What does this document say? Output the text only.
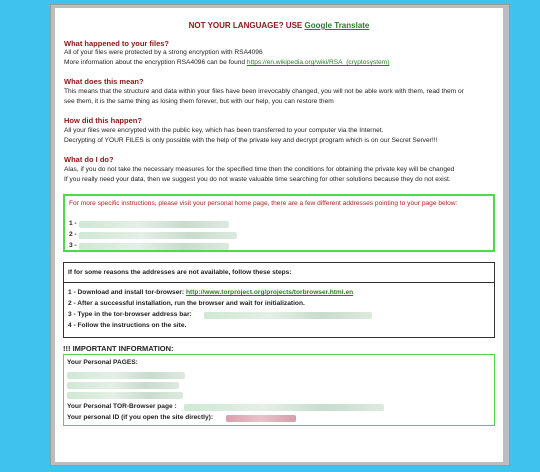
NOT YOUR LANGUAGE? USE Google Translate
What happened to your files?
All of your files were protected by a strong encryption with RSA4096
More information about the encryption RSA4096 can be found https://en.wikipedia.org/wiki/RSA_(cryptosystem)
What does this mean?
This means that the structure and data within your files have been irrevocably changed, you will not be able work with them, read them or
see them, it is the same thing as losing them forever, but with our help, you can restore them
How did this happen?
All your files were encrypted with the public key, which has been transferred to your computer via the Internet.
Decrypting of YOUR FILES is only possible with the help of the private key and decrypt program which is on our Secret Server!!!
What do I do?
Alas, if you do not take the necessary measures for the specified time then the conditions for obtaining the private key will be changed
If you really need your data, then we suggest you do not waste valuable time searching for other solutions because they do not exist.
For more specific instructions, please visit your personal home page, there are a few different addresses pointing to your page below:
1 -
2 -
3 -
If for some reasons the addresses are not available, follow these steps:
1 - Download and install tor-browser: http://www.torproject.org/projects/torbrowser.html.en
2 - After a successful installation, run the browser and wait for initialization.
3 - Type in the tor-browser address bar:
4 - Follow the instructions on the site.
!!! IMPORTANT INFORMATION:
Your Personal PAGES:
Your Personal TOR-Browser page :
Your personal ID (if you open the site directly):
